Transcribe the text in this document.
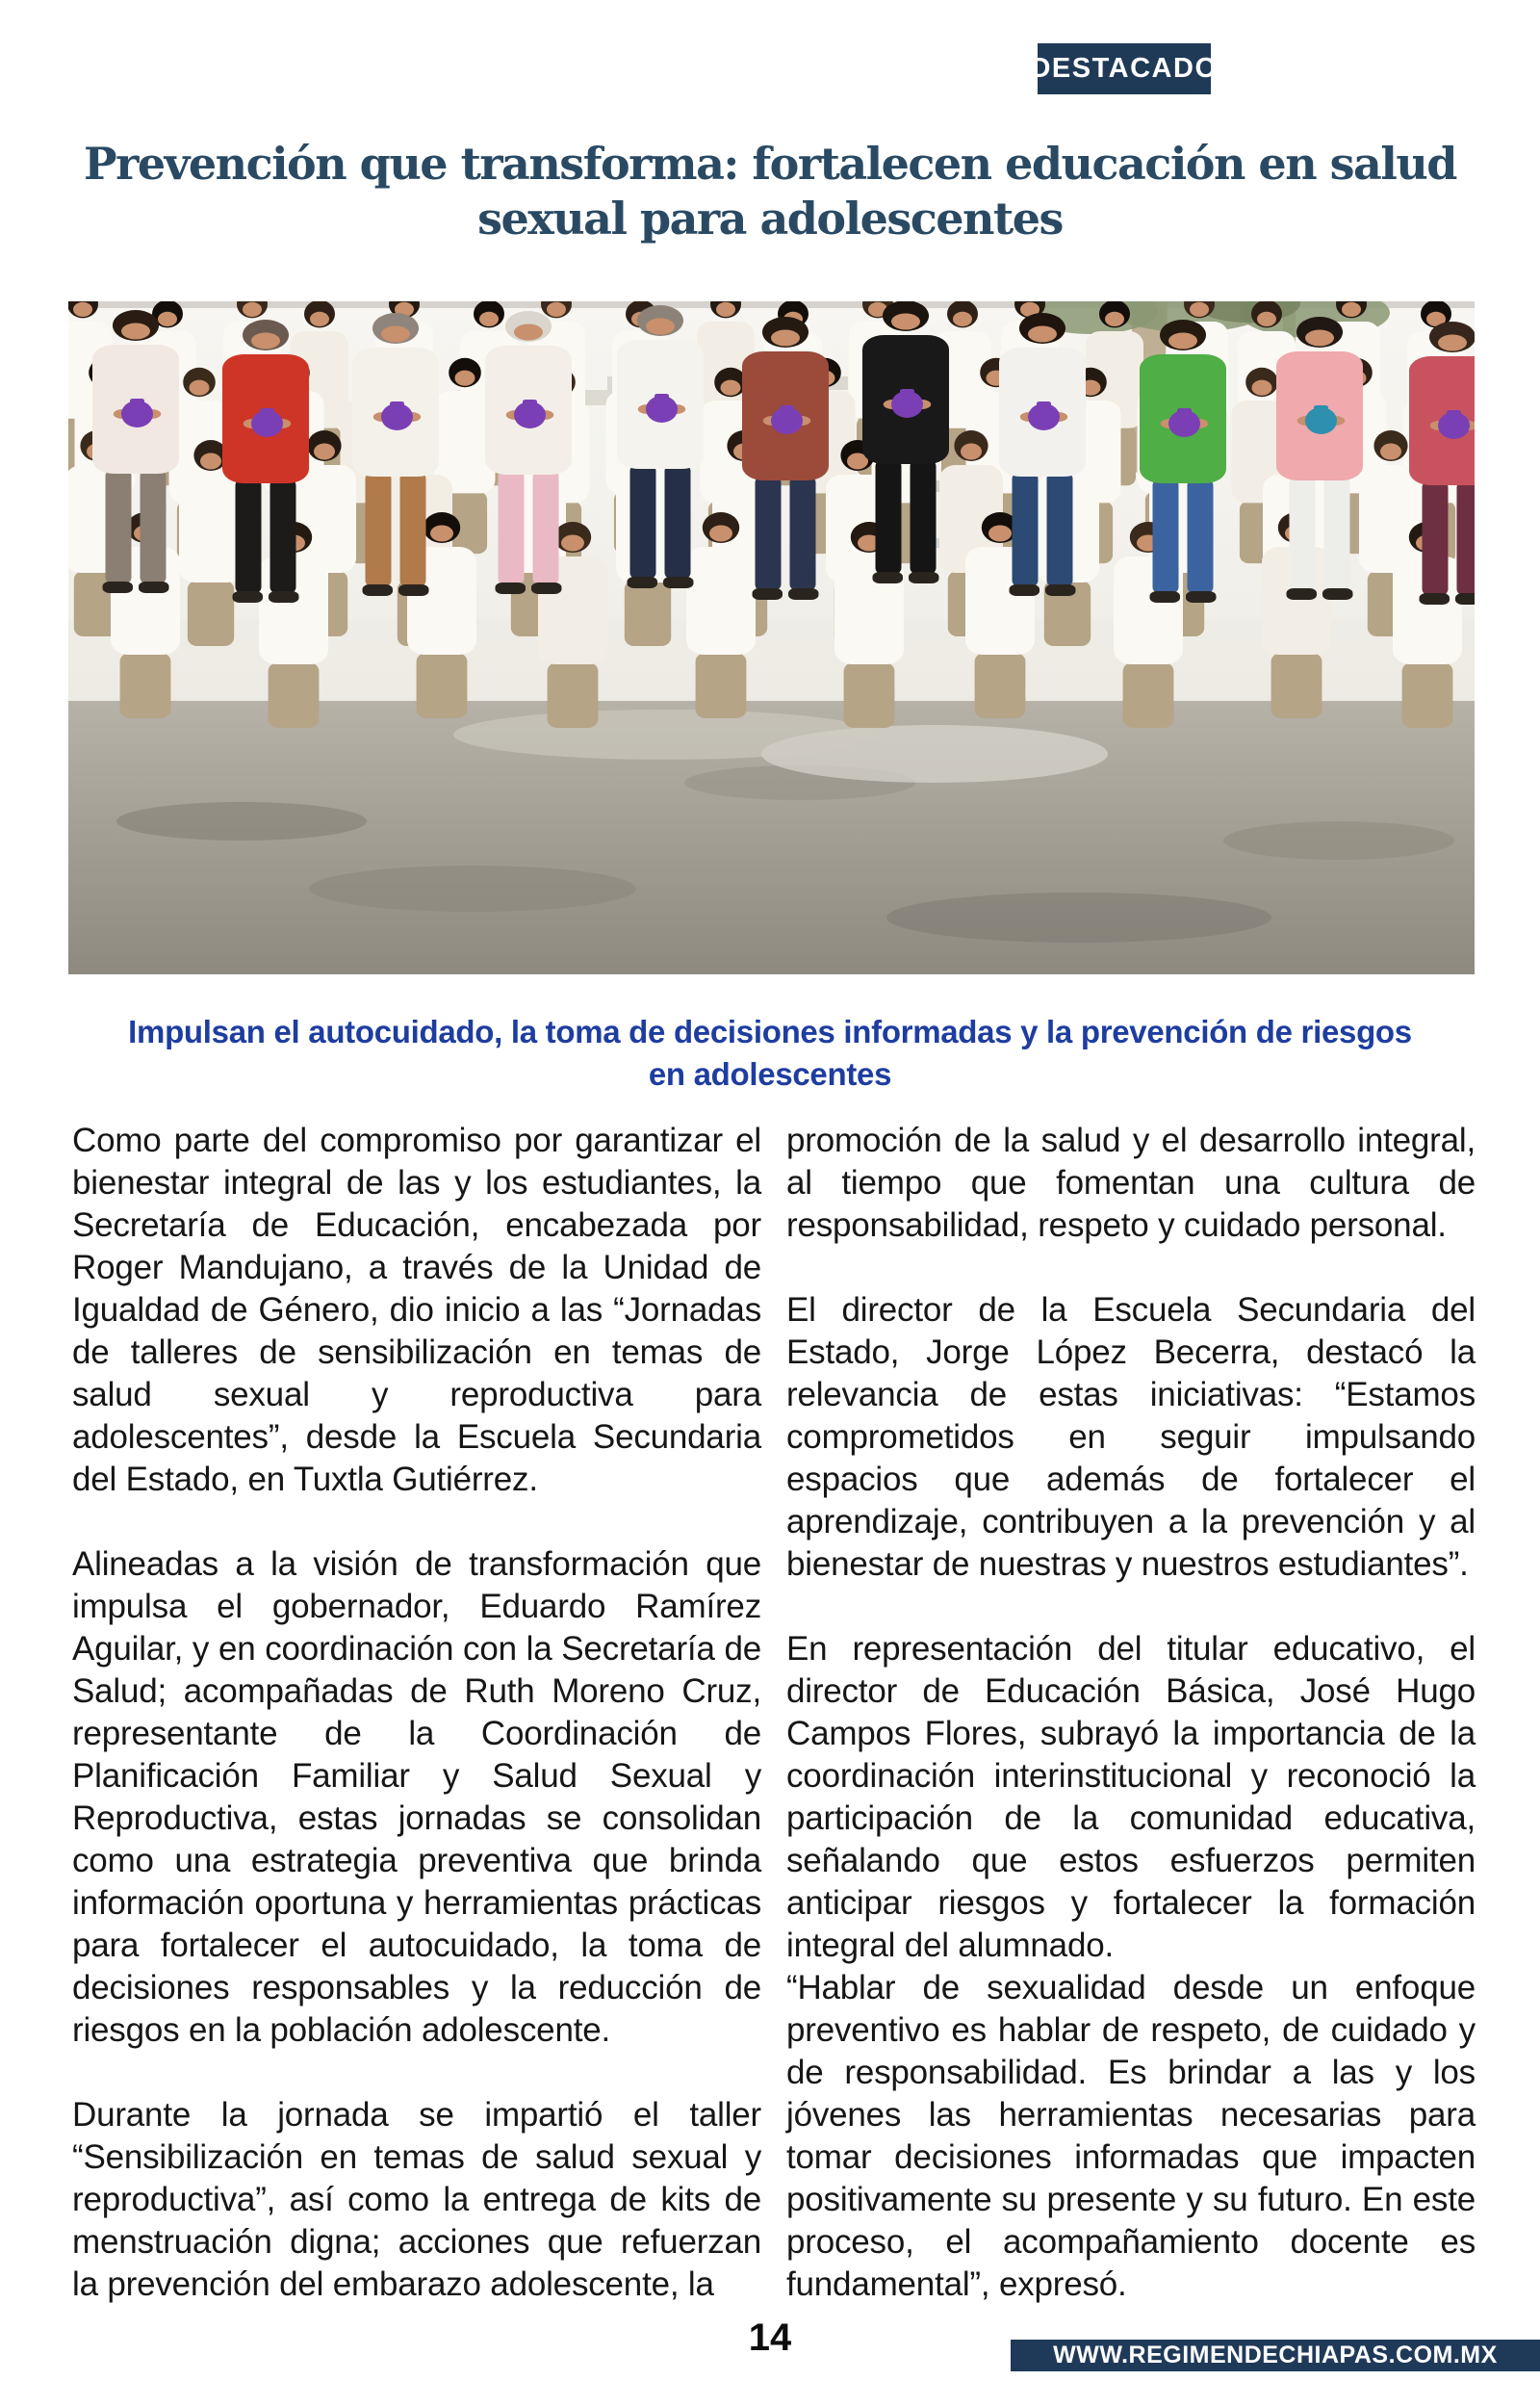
DESTACADO
Prevención que transforma: fortalecen educación en salud
sexual para adolescentes
Impulsan el autocuidado, la toma de decisiones informadas y la prevención de riesgos
en adolescentes

Como parte del compromiso por garantizar el bienestar integral de las y los estudiantes, la Secretaría de Educación, encabezada por Roger Mandujano, a través de la Unidad de Igualdad de Género, dio inicio a las “Jornadas de talleres de sensibilización en temas de salud sexual y reproductiva para adolescentes”, desde la Escuela Secundaria del Estado, en Tuxtla Gutiérrez.

Alineadas a la visión de transformación que impulsa el gobernador, Eduardo Ramírez Aguilar, y en coordinación con la Secretaría de Salud; acompañadas de Ruth Moreno Cruz, representante de la Coordinación de Planificación Familiar y Salud Sexual y Reproductiva, estas jornadas se consolidan como una estrategia preventiva que brinda información oportuna y herramientas prácticas para fortalecer el autocuidado, la toma de decisiones responsables y la reducción de riesgos en la población adolescente.

Durante la jornada se impartió el taller “Sensibilización en temas de salud sexual y reproductiva”, así como la entrega de kits de menstruación digna; acciones que refuerzan la prevención del embarazo adolescente, la

promoción de la salud y el desarrollo integral, al tiempo que fomentan una cultura de responsabilidad, respeto y cuidado personal.

El director de la Escuela Secundaria del Estado, Jorge López Becerra, destacó la relevancia de estas iniciativas: “Estamos comprometidos en seguir impulsando espacios que además de fortalecer el aprendizaje, contribuyen a la prevención y al bienestar de nuestras y nuestros estudiantes”.

En representación del titular educativo, el director de Educación Básica, José Hugo Campos Flores, subrayó la importancia de la coordinación interinstitucional y reconoció la participación de la comunidad educativa, señalando que estos esfuerzos permiten anticipar riesgos y fortalecer la formación integral del alumnado.

“Hablar de sexualidad desde un enfoque preventivo es hablar de respeto, de cuidado y de responsabilidad. Es brindar a las y los jóvenes las herramientas necesarias para tomar decisiones informadas que impacten positivamente su presente y su futuro. En este proceso, el acompañamiento docente es fundamental”, expresó.

14	WWW.REGIMENDECHIAPAS.COM.MX
